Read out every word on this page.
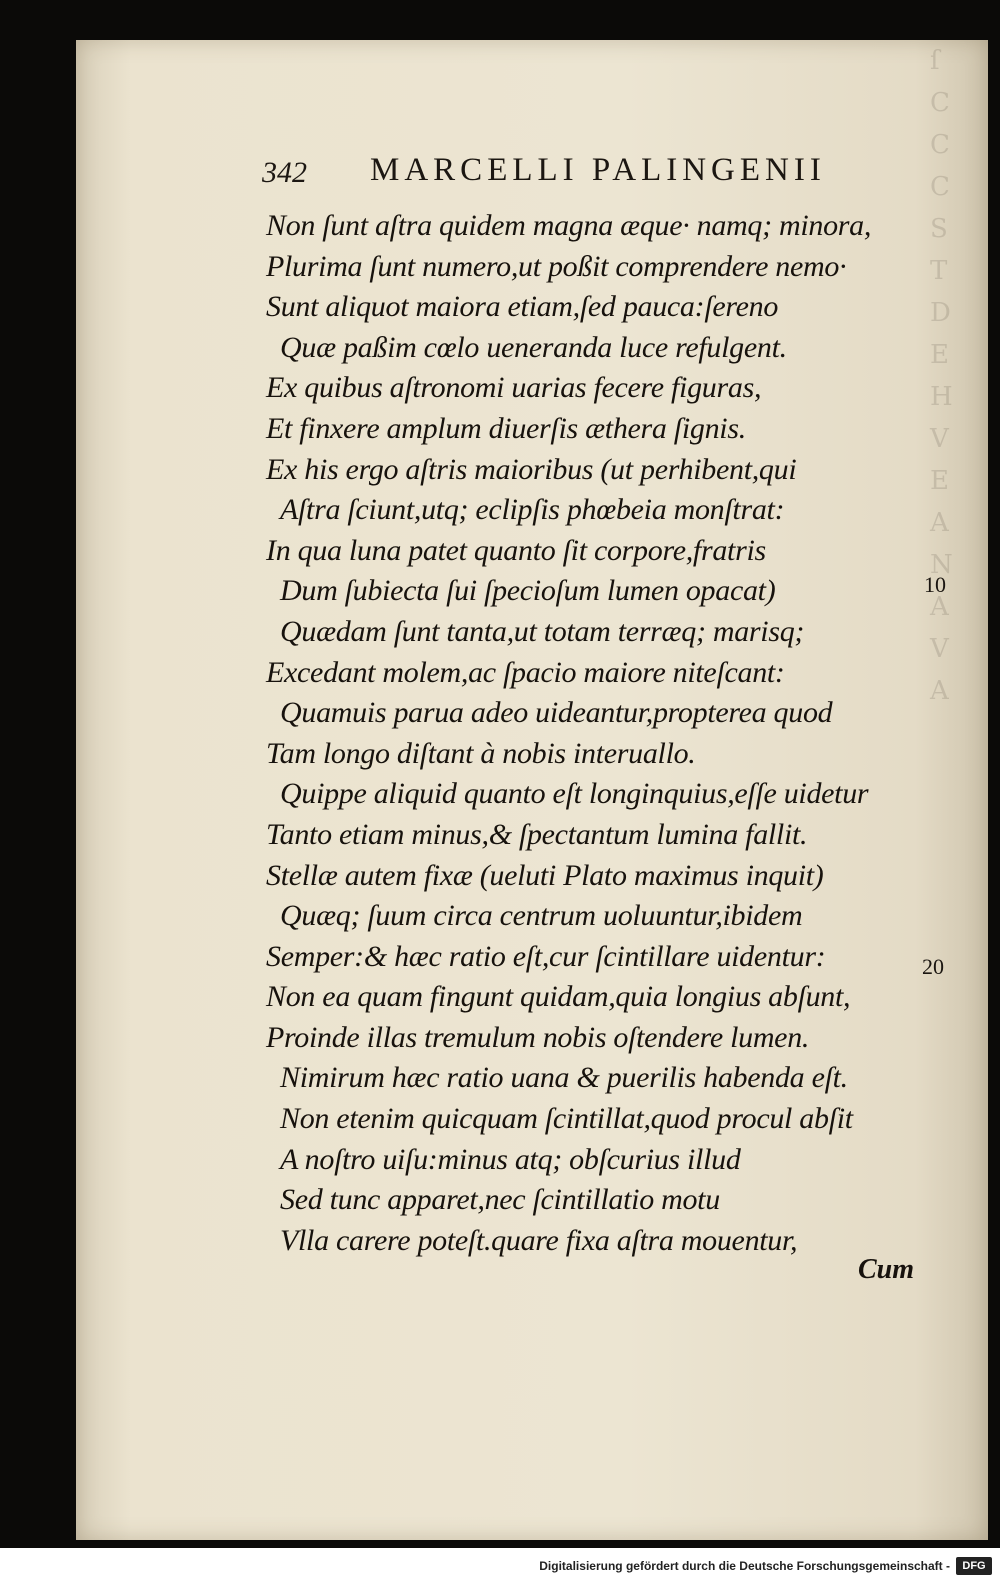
ſ
C
C
C
S
T
D
E
H
V
E
A
N
A
V
A
342 MARCELLI PALINGENII
Non ſunt aſtra quidem magna æque· namq; minora,
Plurima ſunt numero,ut poßit comprendere nemo·
Sunt aliquot maiora etiam,ſed pauca:ſereno
Quæ paßim cœlo ueneranda luce refulgent.
Ex quibus aſtronomi uarias fecere figuras,
Et finxere amplum diuerſis æthera ſignis.
Ex his ergo aſtris maioribus (ut perhibent,qui
Aſtra ſciunt,utq; eclipſis phœbeia monſtrat:
In qua luna patet quanto ſit corpore,fratris
Dum ſubiecta ſui ſpecioſum lumen opacat)
Quædam ſunt tanta,ut totam terræq; marisq;
Excedant molem,ac ſpacio maiore niteſcant:
Quamuis parua adeo uideantur,propterea quod
Tam longo diſtant à nobis interuallo.
Quippe aliquid quanto eſt longinquius,eſſe uidetur
Tanto etiam minus,& ſpectantum lumina fallit.
Stellæ autem fixæ (ueluti Plato maximus inquit)
Quæq; ſuum circa centrum uoluuntur,ibidem
Semper:& hæc ratio eſt,cur ſcintillare uidentur:
Non ea quam fingunt quidam,quia longius abſunt,
Proinde illas tremulum nobis oſtendere lumen.
Nimirum hæc ratio uana & puerilis habenda eſt.
Non etenim quicquam ſcintillat,quod procul abſit
A noſtro uiſu:minus atq; obſcurius illud
Sed tunc apparet,nec ſcintillatio motu
Vlla carere poteſt.quare fixa aſtra mouentur,
10
20
Cum
Digitalisierung gefördert durch die Deutsche Forschungsgemeinschaft -	DFG
